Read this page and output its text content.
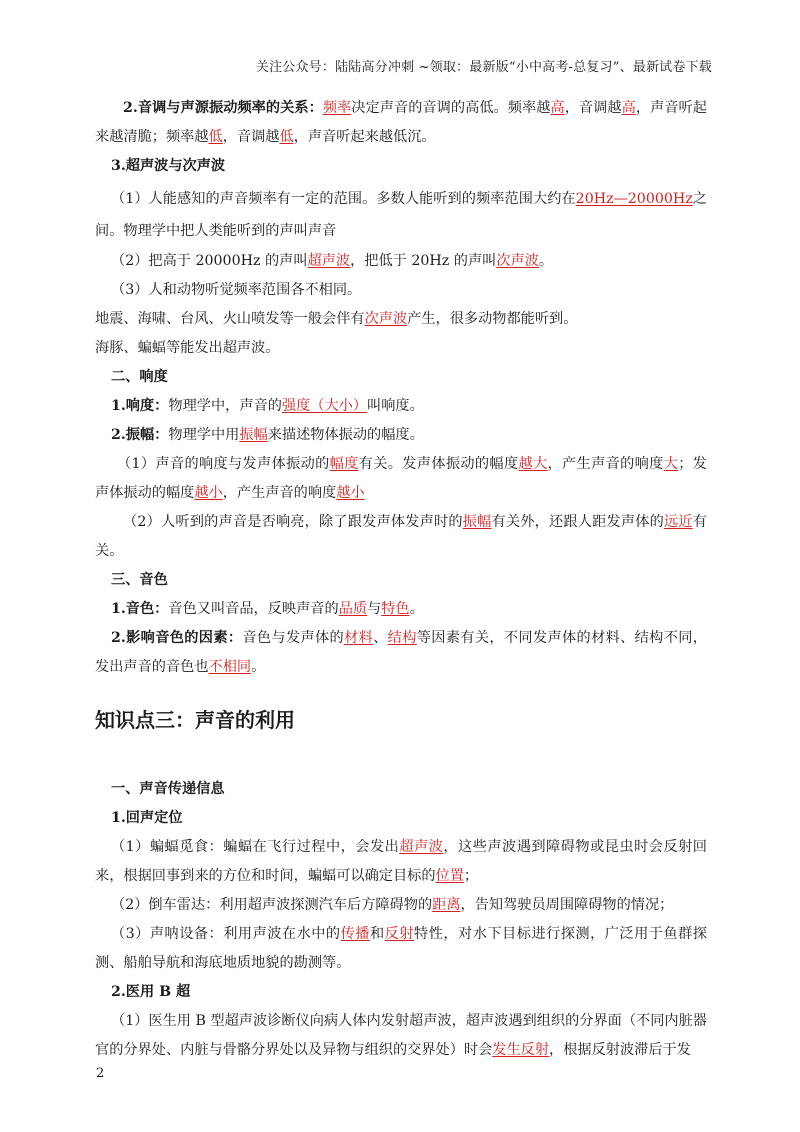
关注公众号：陆陆高分冲刺 ~领取：最新版“小中高考-总复习”、最新试卷下载
2.音调与声源振动频率的关系：频率决定声音的音调的高低。频率越高，音调越高，声音听起来越清脆；频率越低，音调越低，声音听起来越低沉。
3.超声波与次声波
（1）人能感知的声音频率有一定的范围。多数人能听到的频率范围大约在20Hz—20000Hz之间。物理学中把人类能听到的声叫声音
（2）把高于 20000Hz 的声叫超声波，把低于 20Hz 的声叫次声波。
（3）人和动物听觉频率范围各不相同。
地震、海啸、台风、火山喷发等一般会伴有次声波产生，很多动物都能听到。
海豚、蝙蝠等能发出超声波。
二、响度
1.响度：物理学中，声音的强度（大小）叫响度。
2.振幅：物理学中用振幅来描述物体振动的幅度。
（1）声音的响度与发声体振动的幅度有关。发声体振动的幅度越大，产生声音的响度大；发声体振动的幅度越小，产生声音的响度越小
（2）人听到的声音是否响亮，除了跟发声体发声时的振幅有关外，还跟人距发声体的远近有关。
三、音色
1.音色：音色又叫音品，反映声音的品质与特色。
2.影响音色的因素：音色与发声体的材料、结构等因素有关，不同发声体的材料、结构不同，发出声音的音色也不相同。
知识点三：声音的利用
一、声音传递信息
1.回声定位
（1）蝙蝠觅食：蝙蝠在飞行过程中，会发出超声波，这些声波遇到障碍物或昆虫时会反射回来，根据回事到来的方位和时间，蝙蝠可以确定目标的位置；
（2）倒车雷达：利用超声波探测汽车后方障碍物的距离，告知驾驶员周围障碍物的情况；
（3）声呐设备：利用声波在水中的传播和反射特性，对水下目标进行探测，广泛用于鱼群探测、船舶导航和海底地质地貌的勘测等。
2.医用 B 超
（1）医生用 B 型超声波诊断仪向病人体内发射超声波，超声波遇到组织的分界面（不同内脏器官的分界处、内脏与骨骼分界处以及异物与组织的交界处）时会发生反射，根据反射波滞后于发
2
